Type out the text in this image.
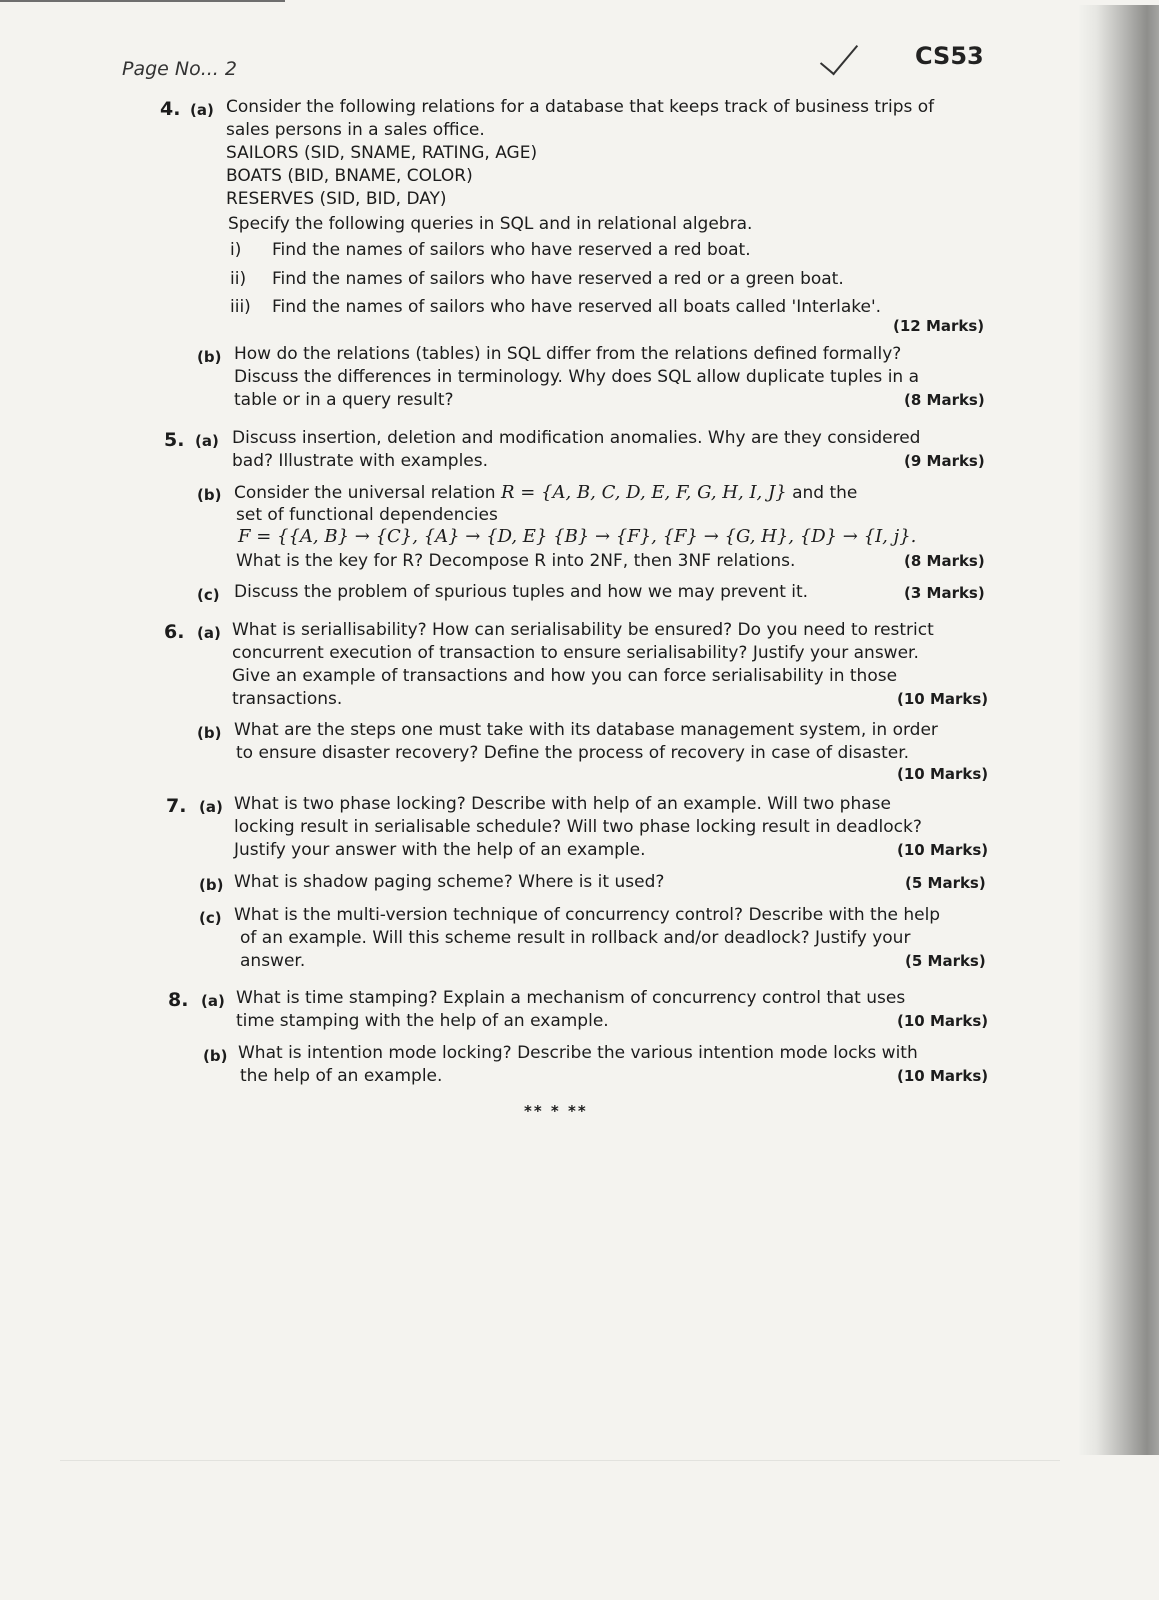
Page No... 2	CS53
4. (a) Consider the following relations for a database that keeps track of business trips of
sales persons in a sales office.
SAILORS (SID, SNAME, RATING, AGE)
BOATS (BID, BNAME, COLOR)
RESERVES (SID, BID, DAY)
Specify the following queries in SQL and in relational algebra.
i) Find the names of sailors who have reserved a red boat.
ii) Find the names of sailors who have reserved a red or a green boat.
iii) Find the names of sailors who have reserved all boats called 'Interlake'.
(12 Marks)
(b) How do the relations (tables) in SQL differ from the relations defined formally?
Discuss the differences in terminology. Why does SQL allow duplicate tuples in a
table or in a query result?	(8 Marks)
5. (a) Discuss insertion, deletion and modification anomalies. Why are they considered
bad? Illustrate with examples.	(9 Marks)
(b) Consider the universal relation R = {A, B, C, D, E, F, G, H, I, J} and the
set of functional dependencies
F = {{A, B} → {C}, {A} → {D, E} {B} → {F}, {F} → {G, H}, {D} → {I, j}.
What is the key for R? Decompose R into 2NF, then 3NF relations.	(8 Marks)
(c) Discuss the problem of spurious tuples and how we may prevent it.	(3 Marks)
6. (a) What is seriallisability? How can serialisability be ensured? Do you need to restrict
concurrent execution of transaction to ensure serialisability? Justify your answer.
Give an example of transactions and how you can force serialisability in those
transactions.	(10 Marks)
(b) What are the steps one must take with its database management system, in order
to ensure disaster recovery? Define the process of recovery in case of disaster.
(10 Marks)
7. (a) What is two phase locking? Describe with help of an example. Will two phase
locking result in serialisable schedule? Will two phase locking result in deadlock?
Justify your answer with the help of an example.	(10 Marks)
(b) What is shadow paging scheme? Where is it used?	(5 Marks)
(c) What is the multi-version technique of concurrency control? Describe with the help
of an example. Will this scheme result in rollback and/or deadlock? Justify your
answer.	(5 Marks)
8. (a) What is time stamping? Explain a mechanism of concurrency control that uses
time stamping with the help of an example.	(10 Marks)
(b) What is intention mode locking? Describe the various intention mode locks with
the help of an example.	(10 Marks)
** * **
